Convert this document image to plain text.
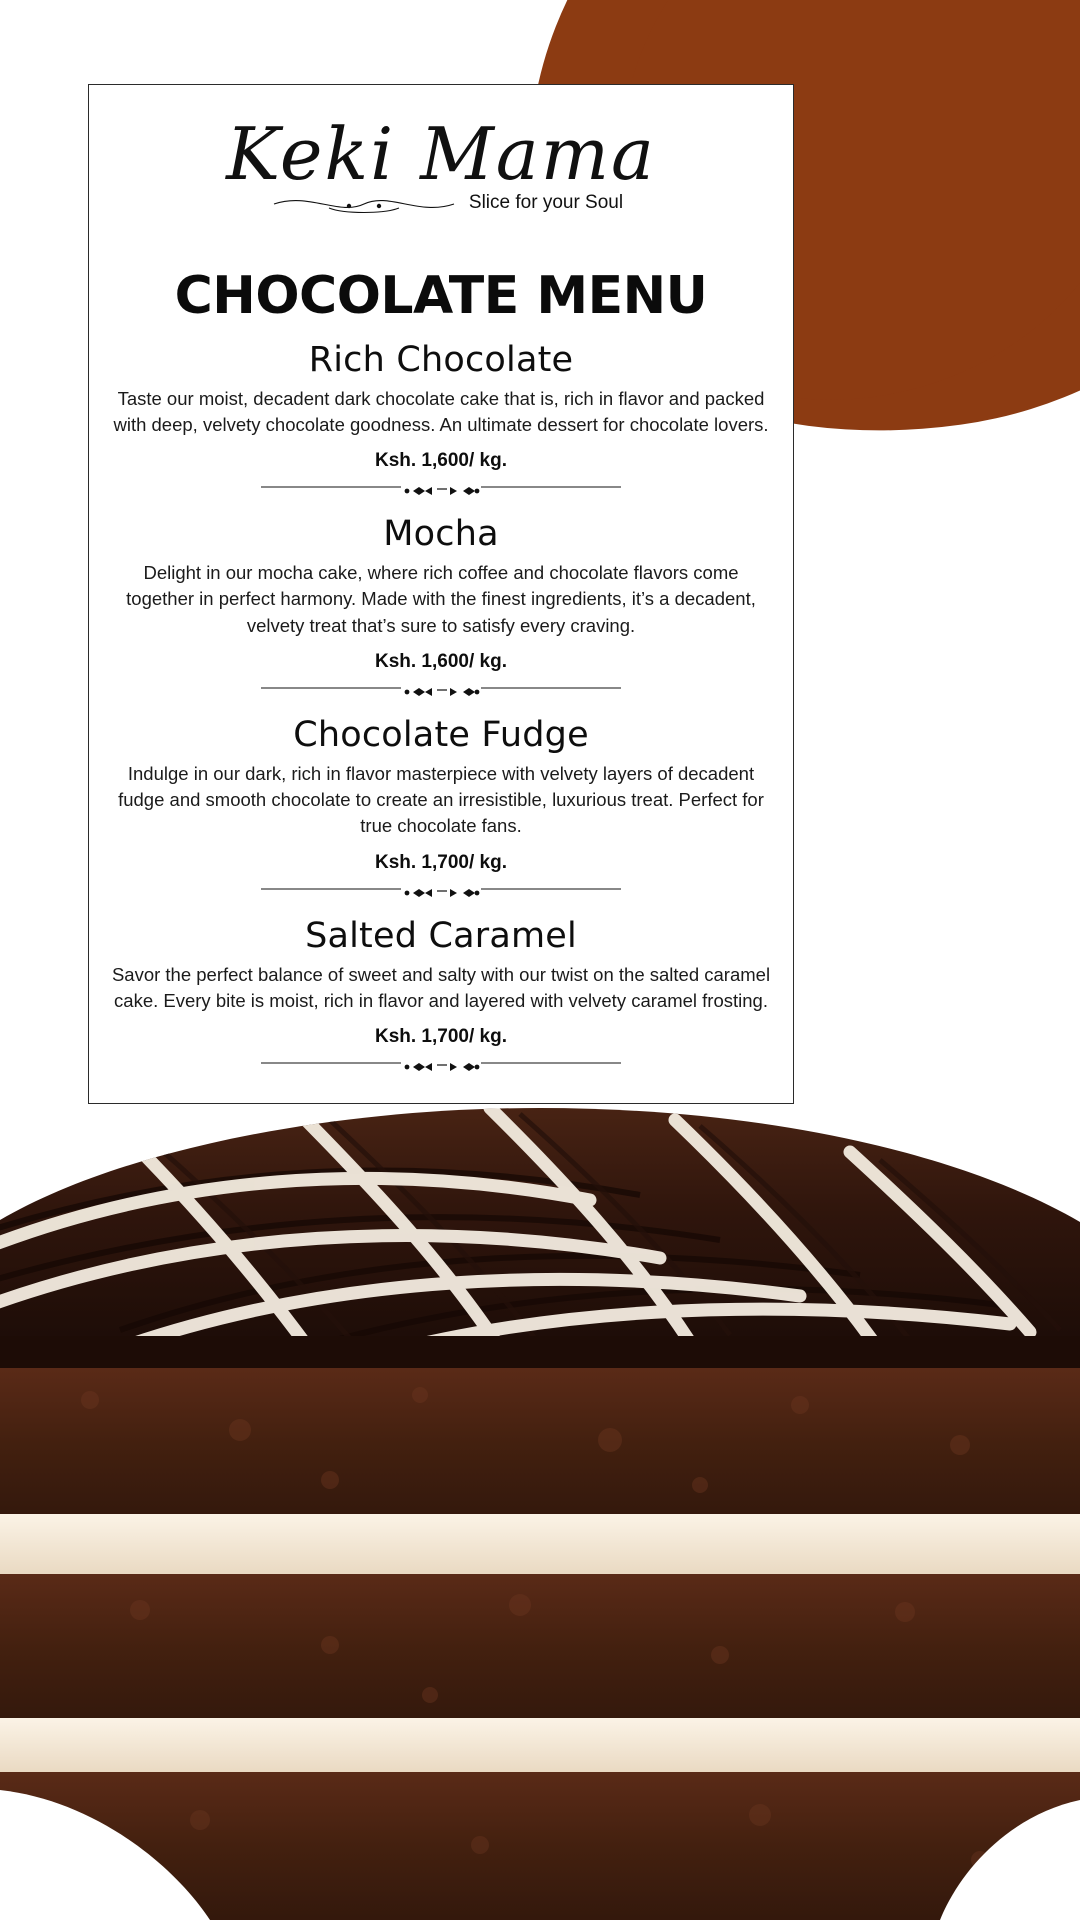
Keki Mama
Slice for your Soul
CHOCOLATE MENU
Rich Chocolate
Taste our moist, decadent dark chocolate cake that is, rich in flavor and packed with deep, velvety chocolate goodness. An ultimate dessert for chocolate lovers.
Ksh. 1,600/ kg.
Mocha
Delight in our mocha cake, where rich coffee and chocolate flavors come together in perfect harmony. Made with the finest ingredients, it’s a decadent, velvety treat that’s sure to satisfy every craving.
Ksh. 1,600/ kg.
Chocolate Fudge
Indulge in our dark, rich in flavor masterpiece with velvety layers of decadent fudge and smooth chocolate to create an irresistible, luxurious treat. Perfect for true chocolate fans.
Ksh. 1,700/ kg.
Salted Caramel
Savor the perfect balance of sweet and salty with our twist on the salted caramel cake. Every bite is moist, rich in flavor and layered with velvety caramel frosting.
Ksh. 1,700/ kg.
